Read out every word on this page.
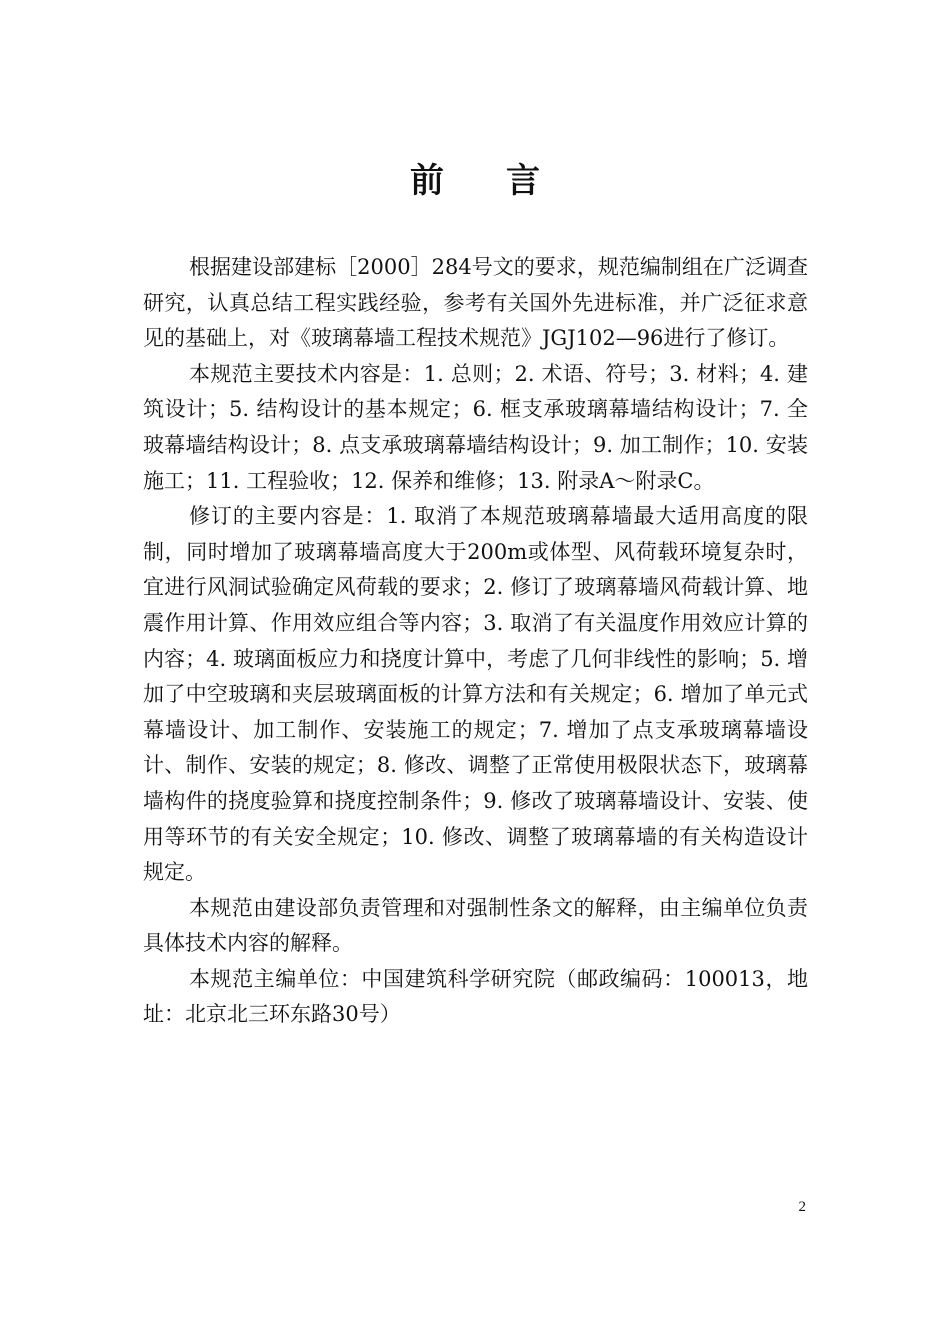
前言

根据建设部建标［2000］284号文的要求，规范编制组在广泛调查研究，认真总结工程实践经验，参考有关国外先进标准，并广泛征求意见的基础上，对《玻璃幕墙工程技术规范》JGJ102—96进行了修订。

本规范主要技术内容是：1. 总则；2. 术语、符号；3. 材料；4. 建筑设计；5. 结构设计的基本规定；6. 框支承玻璃幕墙结构设计；7. 全玻幕墙结构设计；8. 点支承玻璃幕墙结构设计；9. 加工制作；10. 安装施工；11. 工程验收；12. 保养和维修；13. 附录A～附录C。

修订的主要内容是：1. 取消了本规范玻璃幕墙最大适用高度的限制，同时增加了玻璃幕墙高度大于200m或体型、风荷载环境复杂时，宜进行风洞试验确定风荷载的要求；2. 修订了玻璃幕墙风荷载计算、地震作用计算、作用效应组合等内容；3. 取消了有关温度作用效应计算的内容；4. 玻璃面板应力和挠度计算中，考虑了几何非线性的影响；5. 增加了中空玻璃和夹层玻璃面板的计算方法和有关规定；6. 增加了单元式幕墙设计、加工制作、安装施工的规定；7. 增加了点支承玻璃幕墙设计、制作、安装的规定；8. 修改、调整了正常使用极限状态下，玻璃幕墙构件的挠度验算和挠度控制条件；9. 修改了玻璃幕墙设计、安装、使用等环节的有关安全规定；10. 修改、调整了玻璃幕墙的有关构造设计规定。

本规范由建设部负责管理和对强制性条文的解释，由主编单位负责具体技术内容的解释。

本规范主编单位：中国建筑科学研究院（邮政编码：100013，地址：北京北三环东路30号）

2
